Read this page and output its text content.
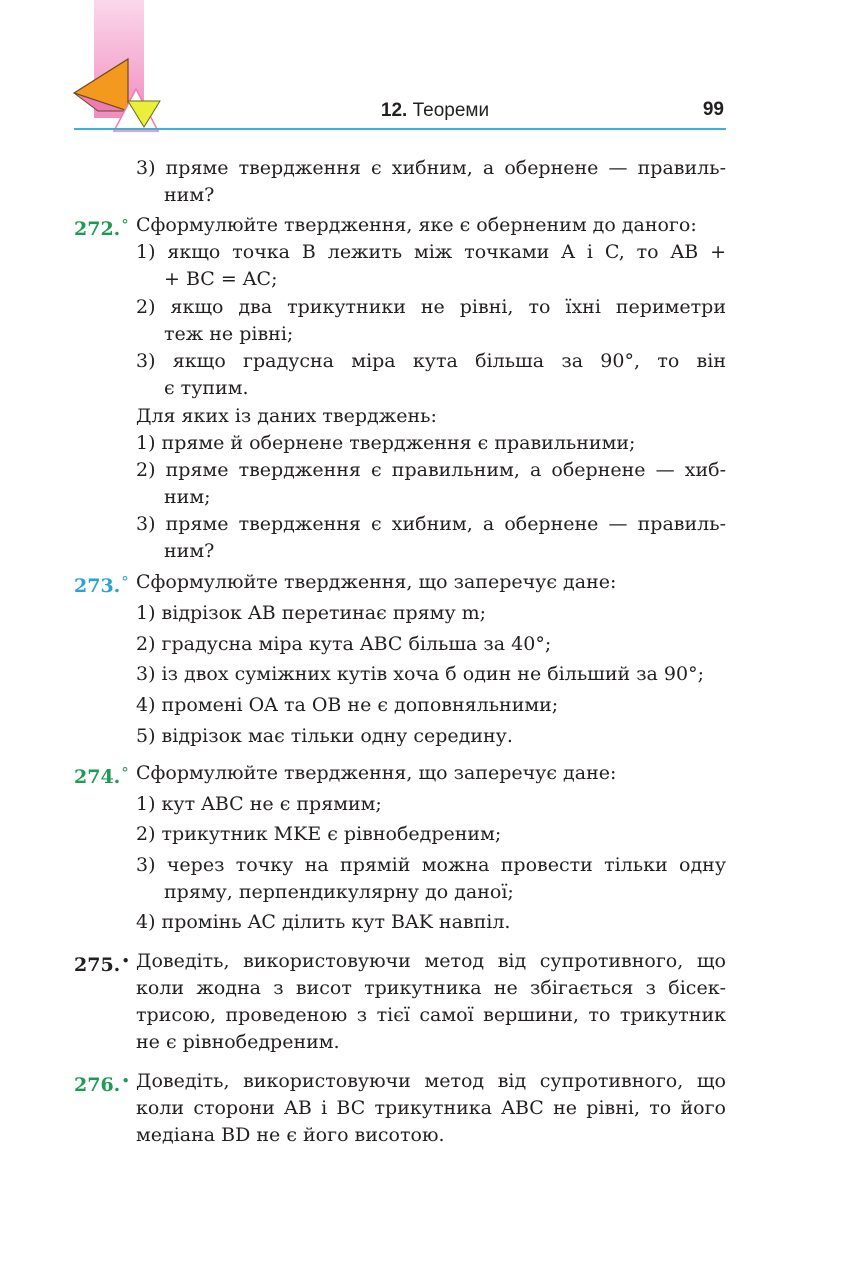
12. Теореми	99
3) пряме твердження є хибним, а обернене — правиль-
ним?
272.° Сформулюйте твердження, яке є оберненим до даного:
1) якщо точка B лежить між точками A і C, то AB +
+ BC = AC;
2) якщо два трикутники не рівні, то їхні периметри
теж не рівні;
3) якщо градусна міра кута більша за 90°, то він
є тупим.
Для яких із даних тверджень:
1) пряме й обернене твердження є правильними;
2) пряме твердження є правильним, а обернене — хиб-
ним;
3) пряме твердження є хибним, а обернене — правиль-
ним?
273.° Сформулюйте твердження, що заперечує дане:
1) відрізок AB перетинає пряму m;
2) градусна міра кута ABC більша за 40°;
3) із двох суміжних кутів хоча б один не більший за 90°;
4) промені OA та OB не є доповняльними;
5) відрізок має тільки одну середину.
274.° Сформулюйте твердження, що заперечує дане:
1) кут ABC не є прямим;
2) трикутник MKE є рівнобедреним;
3) через точку на прямій можна провести тільки одну
пряму, перпендикулярну до даної;
4) промінь AC ділить кут BAK навпіл.
275.• Доведіть, використовуючи метод від супротивного, що
коли жодна з висот трикутника не збігається з бісек-
трисою, проведеною з тієї самої вершини, то трикутник
не є рівнобедреним.
276.• Доведіть, використовуючи метод від супротивного, що
коли сторони AB і BC трикутника ABC не рівні, то його
медіана BD не є його висотою.
